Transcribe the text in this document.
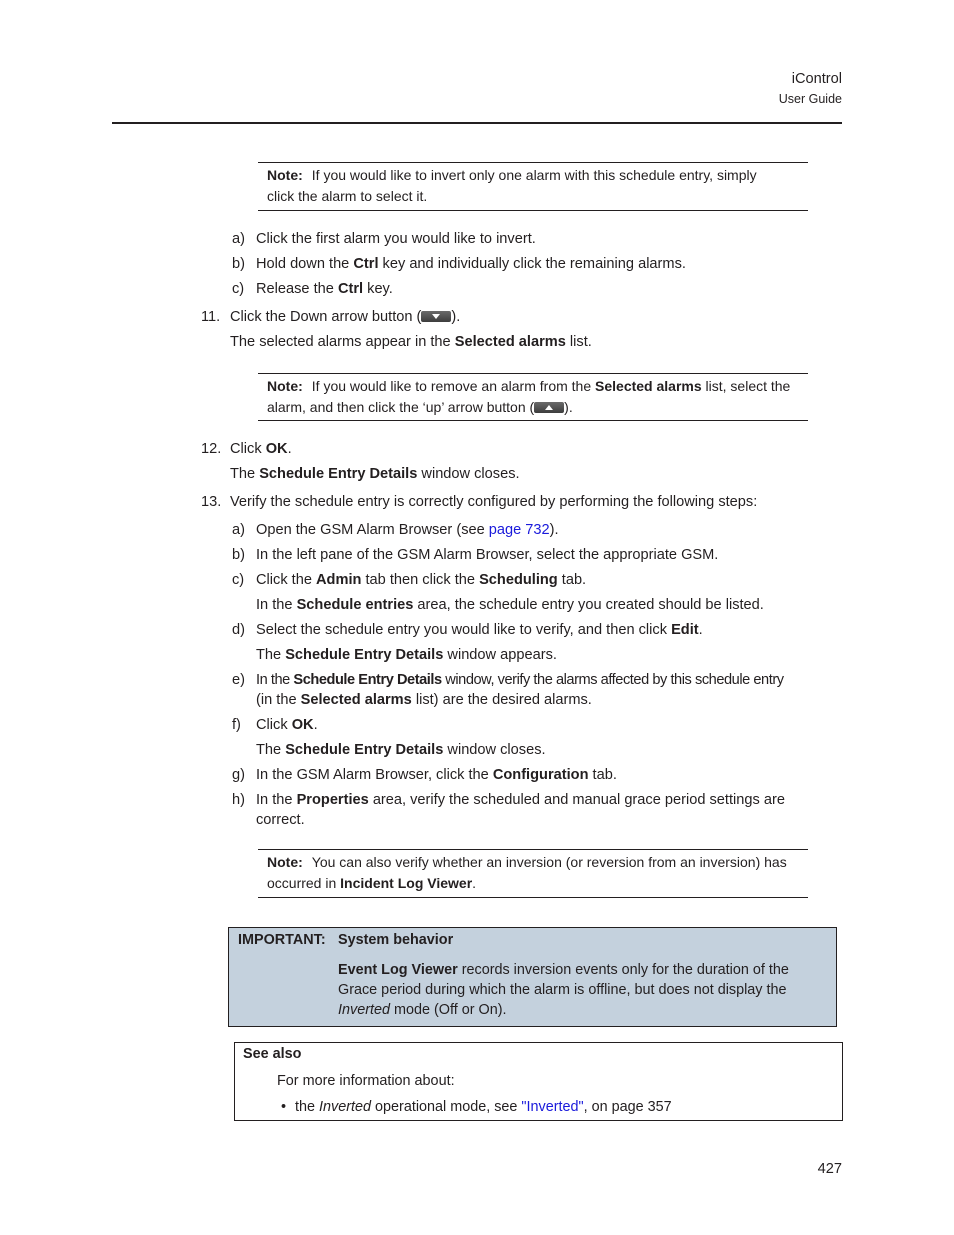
iControl
User Guide
Note: If you would like to invert only one alarm with this schedule entry, simply
click the alarm to select it.
a) Click the first alarm you would like to invert.
b) Hold down the Ctrl key and individually click the remaining alarms.
c) Release the Ctrl key.
11. Click the Down arrow button ( ).
The selected alarms appear in the Selected alarms list.
Note: If you would like to remove an alarm from the Selected alarms list, select the
alarm, and then click the ‘up’ arrow button ( ).
12. Click OK.
The Schedule Entry Details window closes.
13. Verify the schedule entry is correctly configured by performing the following steps:
a) Open the GSM Alarm Browser (see page 732).
b) In the left pane of the GSM Alarm Browser, select the appropriate GSM.
c) Click the Admin tab then click the Scheduling tab.
In the Schedule entries area, the schedule entry you created should be listed.
d) Select the schedule entry you would like to verify, and then click Edit.
The Schedule Entry Details window appears.
e) In the Schedule Entry Details window, verify the alarms affected by this schedule entry
(in the Selected alarms list) are the desired alarms.
f) Click OK.
The Schedule Entry Details window closes.
g) In the GSM Alarm Browser, click the Configuration tab.
h) In the Properties area, verify the scheduled and manual grace period settings are
correct.
Note: You can also verify whether an inversion (or reversion from an inversion) has
occurred in Incident Log Viewer.
IMPORTANT: System behavior
Event Log Viewer records inversion events only for the duration of the
Grace period during which the alarm is offline, but does not display the
Inverted mode (Off or On).
See also
For more information about:
• the Inverted operational mode, see "Inverted", on page 357
427
